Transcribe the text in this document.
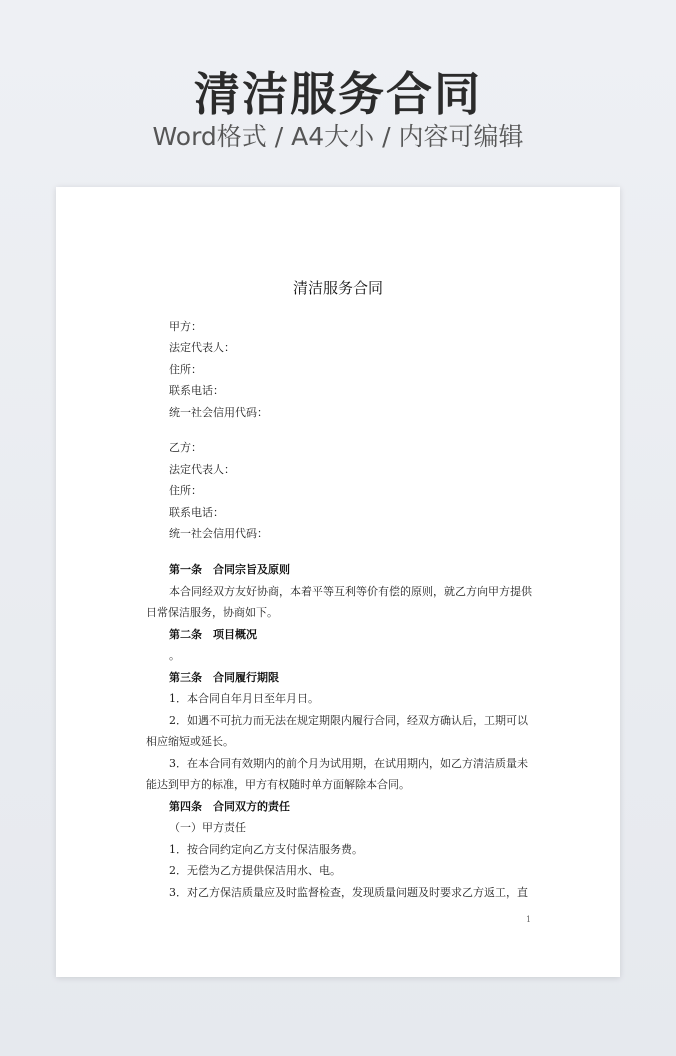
清洁服务合同
Word格式 / A4大小 / 内容可编辑
清洁服务合同
甲方：
法定代表人：
住所：
联系电话：
统一社会信用代码：
乙方：
法定代表人：
住所：
联系电话：
统一社会信用代码：
第一条　合同宗旨及原则
本合同经双方友好协商，本着平等互利等价有偿的原则，就乙方向甲方提供
日常保洁服务，协商如下。
第二条　项目概况
。
第三条　合同履行期限
1．本合同自年月日至年月日。
2．如遇不可抗力而无法在规定期限内履行合同，经双方确认后，工期可以
相应缩短或延长。
3．在本合同有效期内的前个月为试用期，在试用期内，如乙方清洁质量未
能达到甲方的标准，甲方有权随时单方面解除本合同。
第四条　合同双方的责任
（一）甲方责任
1．按合同约定向乙方支付保洁服务费。
2．无偿为乙方提供保洁用水、电。
3．对乙方保洁质量应及时监督检查，发现质量问题及时要求乙方返工，直
1
